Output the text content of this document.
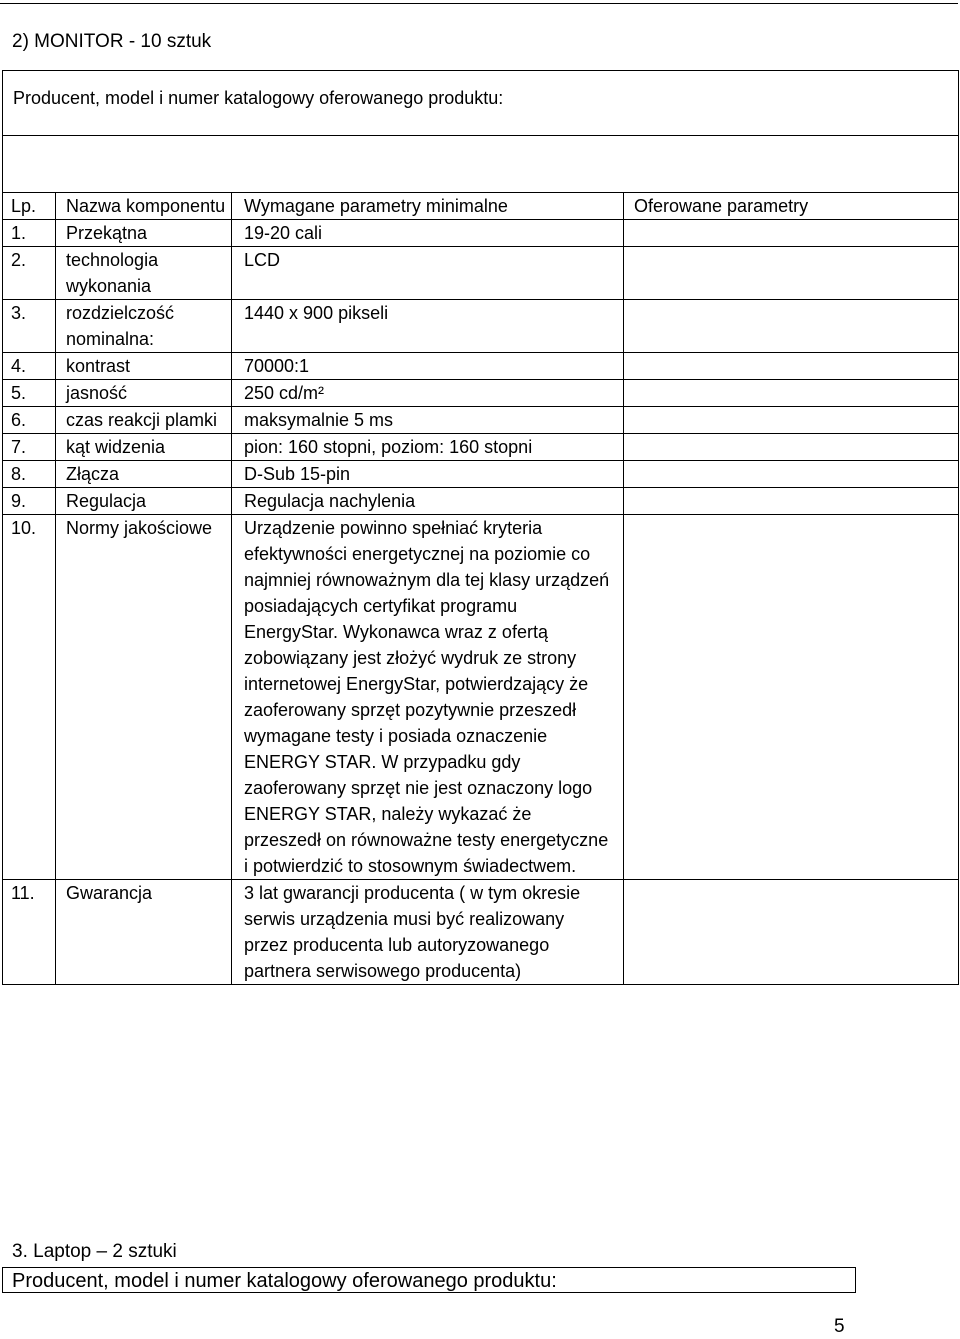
2) MONITOR - 10 sztuk
Producent, model i numer katalogowy oferowanego produktu:			

Lp.	Nazwa komponentu	Wymagane parametry minimalne	Oferowane parametry
1.	Przekątna	19-20 cali	
2.	technologia wykonania	LCD	
3.	rozdzielczość nominalna:	1440 x 900 pikseli	
4.	kontrast	70000:1	
5.	jasność	250 cd/m²	
6.	czas reakcji plamki	maksymalnie 5 ms	
7.	kąt widzenia	pion: 160 stopni, poziom: 160 stopni	
8.	Złącza	D-Sub 15-pin	
9.	Regulacja	Regulacja nachylenia	
10.	Normy jakościowe	Urządzenie powinno spełniać kryteria efektywności energetycznej na poziomie co najmniej równoważnym dla tej klasy urządzeń posiadających certyfikat programu EnergyStar. Wykonawca wraz z ofertą zobowiązany jest złożyć wydruk ze strony internetowej EnergyStar, potwierdzający że zaoferowany sprzęt pozytywnie przeszedł wymagane testy i posiada oznaczenie ENERGY STAR. W przypadku gdy zaoferowany sprzęt nie jest oznaczony logo ENERGY STAR, należy wykazać że przeszedł on równoważne testy energetyczne i potwierdzić to stosownym świadectwem.	
11.	Gwarancja	3 lat gwarancji producenta ( w tym okresie serwis urządzenia musi być realizowany przez producenta lub autoryzowanego partnera serwisowego producenta)	
3. Laptop – 2 sztuki
Producent, model i numer katalogowy oferowanego produktu:
5
